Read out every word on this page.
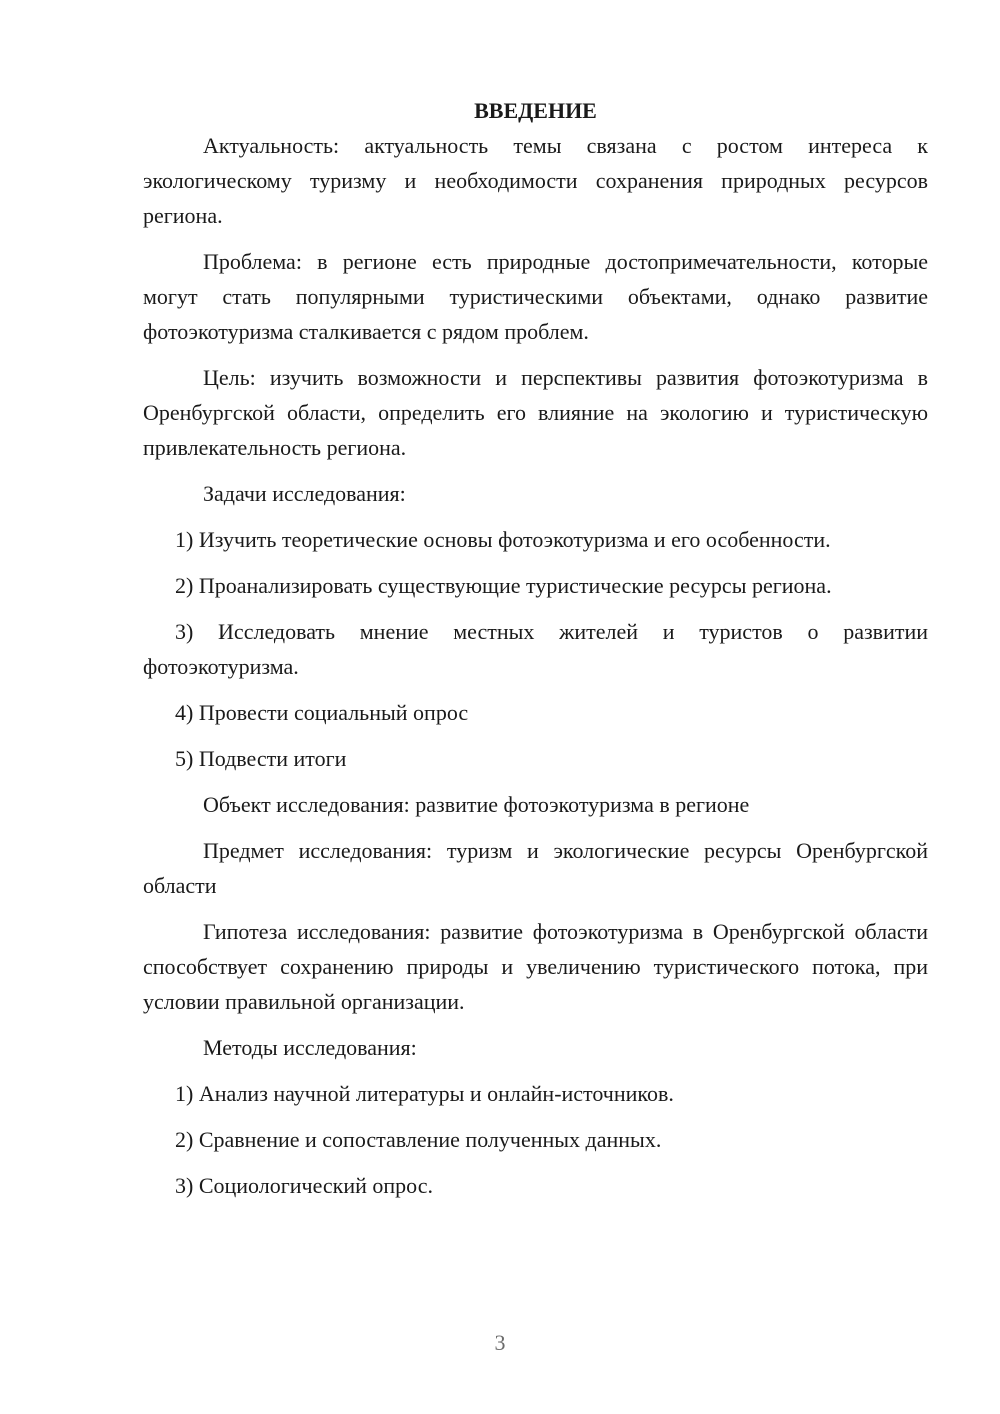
ВВЕДЕНИЕ

Актуальность: актуальность темы связана с ростом интереса к экологическому туризму и необходимости сохранения природных ресурсов региона.

Проблема: в регионе есть природные достопримечательности, которые могут стать популярными туристическими объектами, однако развитие фотоэкотуризма сталкивается с рядом проблем.

Цель: изучить возможности и перспективы развития фотоэкотуризма в Оренбургской области, определить его влияние на экологию и туристическую привлекательность региона.

Задачи исследования:

1) Изучить теоретические основы фотоэкотуризма и его особенности.

2) Проанализировать существующие туристические ресурсы региона.

3) Исследовать мнение местных жителей и туристов о развитии фотоэкотуризма.

4) Провести социальный опрос

5) Подвести итоги

Объект исследования: развитие фотоэкотуризма в регионе

Предмет исследования: туризм и экологические ресурсы Оренбургской области

Гипотеза исследования: развитие фотоэкотуризма в Оренбургской области способствует сохранению природы и увеличению туристического потока, при условии правильной организации.

Методы исследования:

1) Анализ научной литературы и онлайн-источников.

2) Сравнение и сопоставление полученных данных.

3) Социологический опрос.

3
